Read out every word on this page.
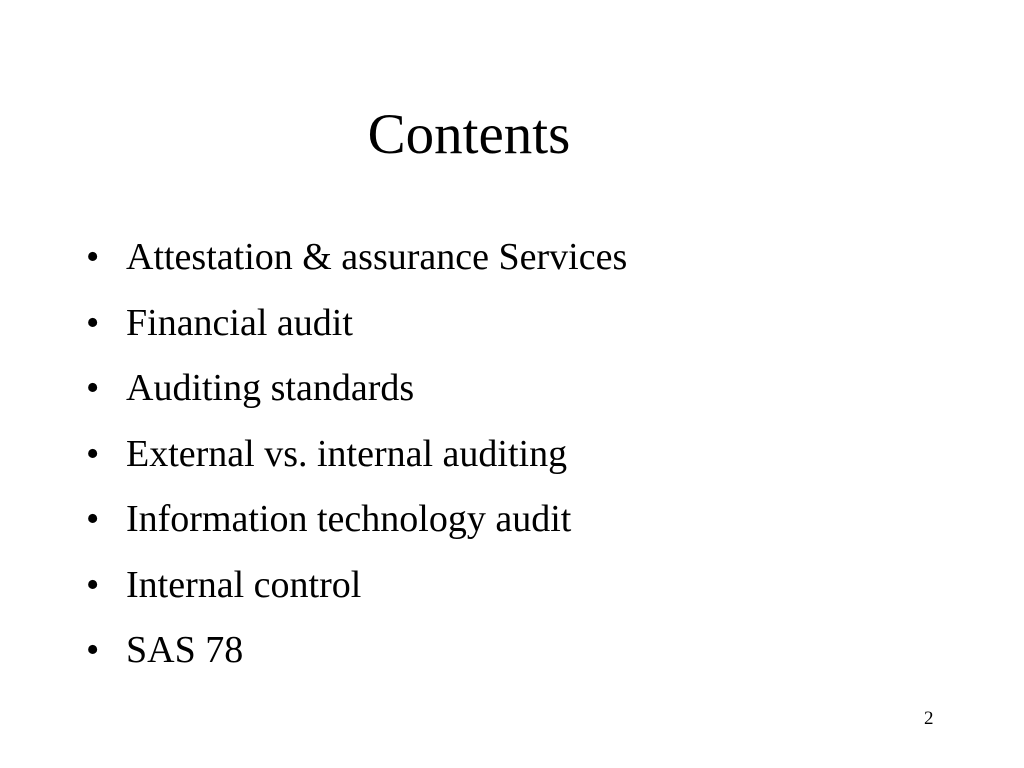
Contents
• Attestation & assurance Services
• Financial audit
• Auditing standards
• External vs. internal auditing
• Information technology audit
• Internal control
• SAS 78
2
